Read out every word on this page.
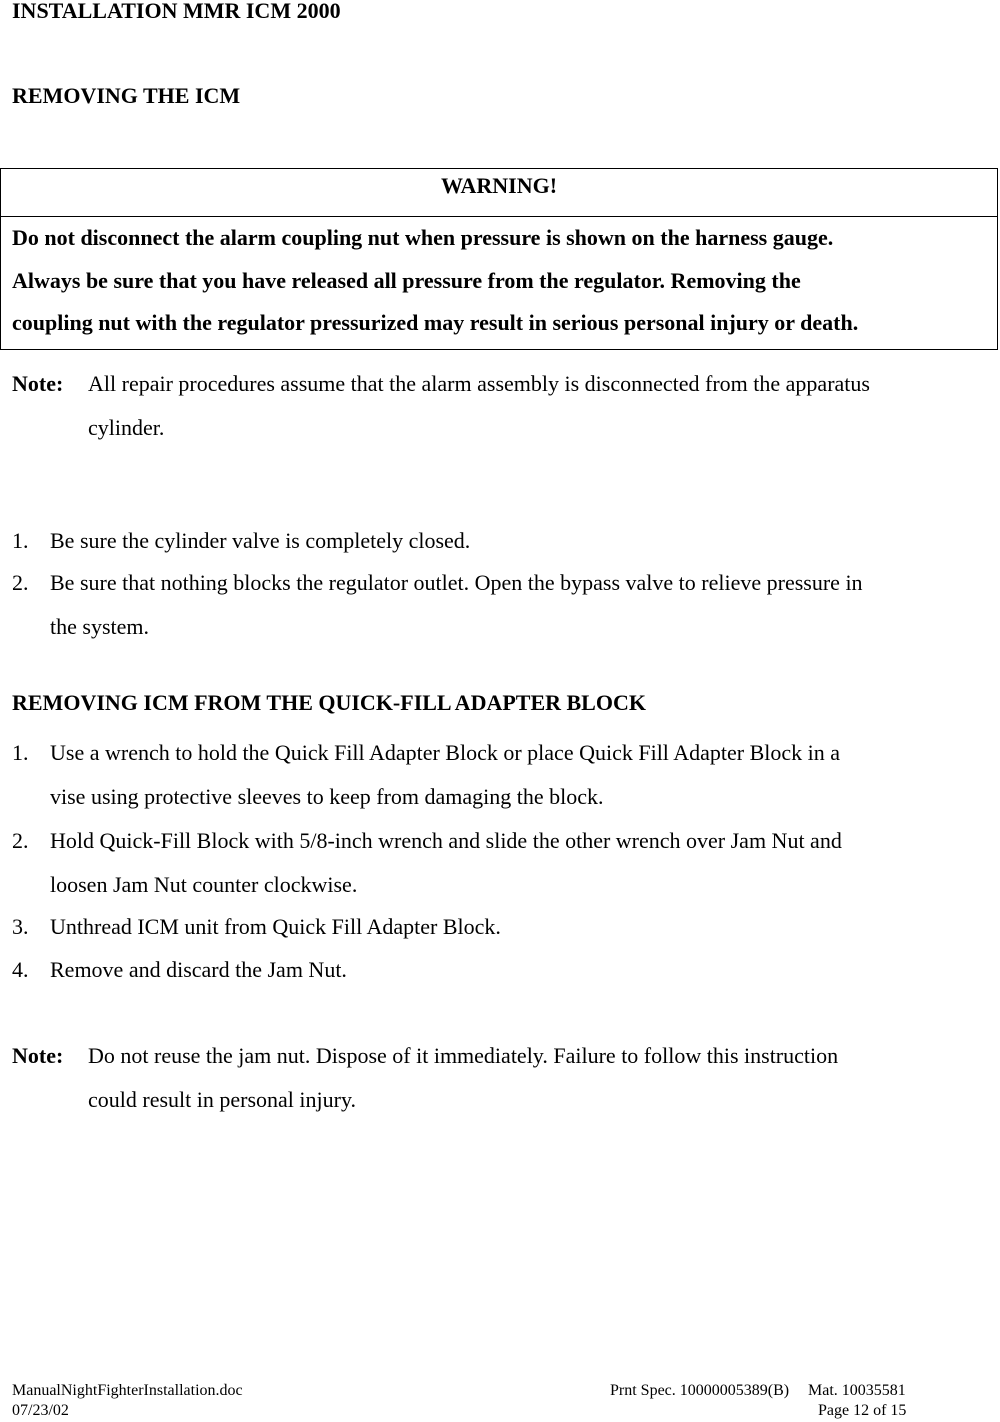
INSTALLATION MMR ICM 2000
REMOVING THE ICM
WARNING!
Do not disconnect the alarm coupling nut when pressure is shown on the harness gauge.
Always be sure that you have released all pressure from the regulator. Removing the
coupling nut with the regulator pressurized may result in serious personal injury or death.
Note: All repair procedures assume that the alarm assembly is disconnected from the apparatus
cylinder.
1. Be sure the cylinder valve is completely closed.
2. Be sure that nothing blocks the regulator outlet. Open the bypass valve to relieve pressure in
the system.
REMOVING ICM FROM THE QUICK-FILL ADAPTER BLOCK
1. Use a wrench to hold the Quick Fill Adapter Block or place Quick Fill Adapter Block in a
vise using protective sleeves to keep from damaging the block.
2. Hold Quick-Fill Block with 5/8-inch wrench and slide the other wrench over Jam Nut and
loosen Jam Nut counter clockwise.
3. Unthread ICM unit from Quick Fill Adapter Block.
4. Remove and discard the Jam Nut.
Note: Do not reuse the jam nut. Dispose of it immediately. Failure to follow this instruction
could result in personal injury.
ManualNightFighterInstallation.doc
07/23/02
Prnt Spec. 10000005389(B) Mat. 10035581
Page 12 of 15
